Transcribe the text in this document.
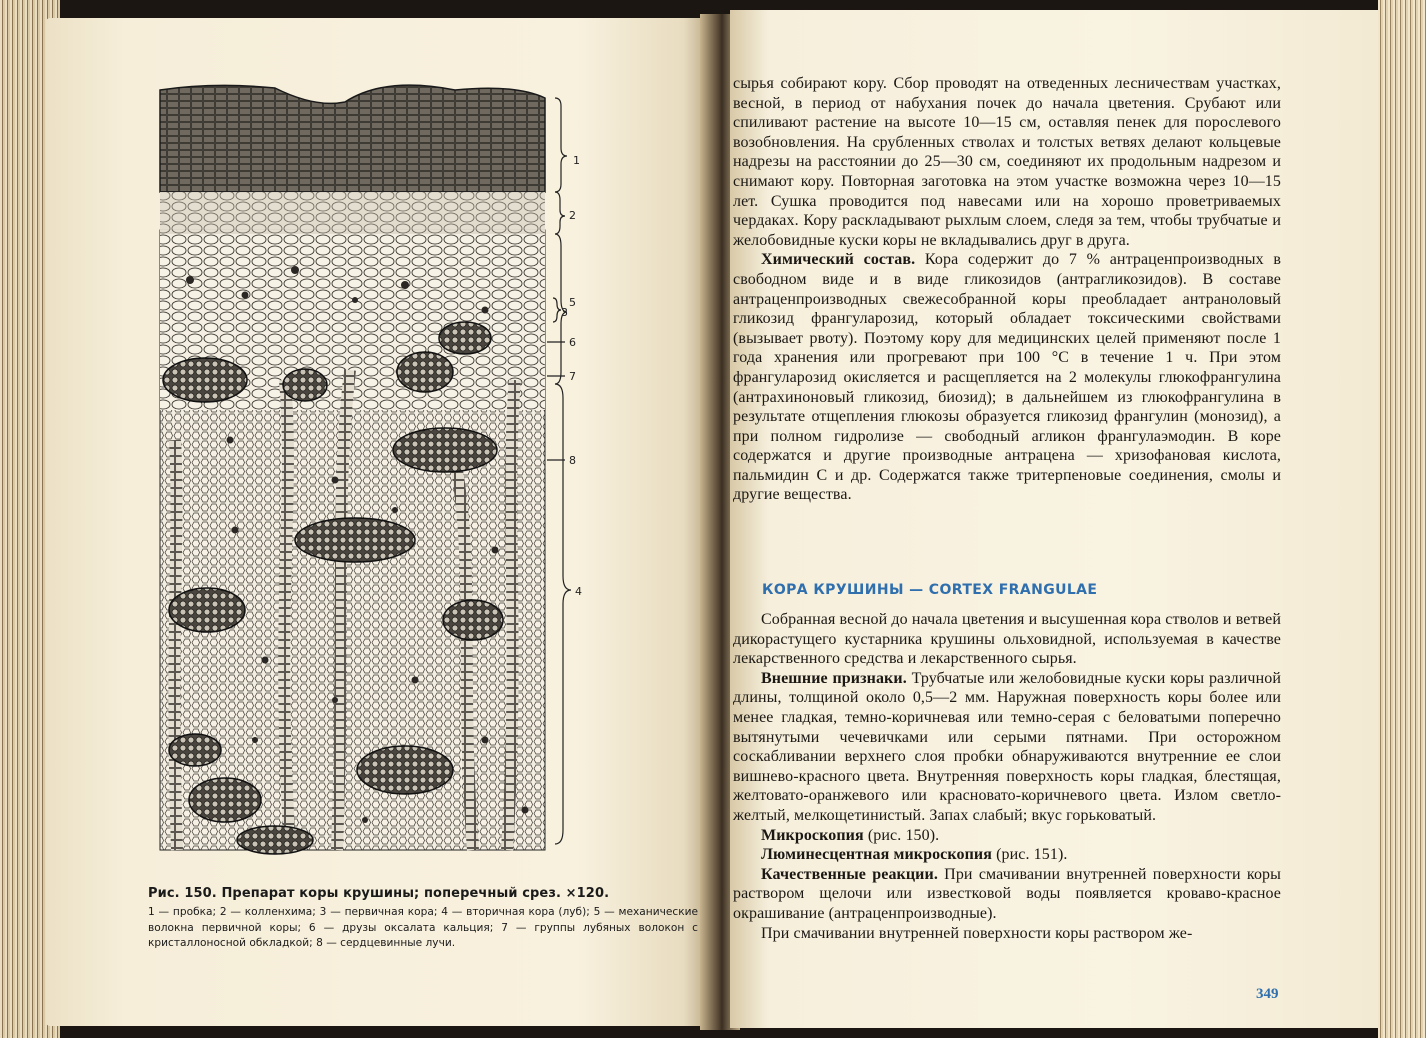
1
2
5
3
6
7
8
4
Рис. 150. Препарат коры крушины; поперечный срез. ×120.
1 — пробка; 2 — колленхима; 3 — первичная кора; 4 — вторичная кора (луб); 5 — механические волокна первичной коры; 6 — друзы оксалата кальция; 7 — группы лубяных волокон с кристаллоносной обкладкой; 8 — сердцевинные лучи.

сырья собирают кору. Сбор проводят на отведенных лесничествам участках, весной, в период от набухания почек до начала цветения. Срубают или спиливают растение на высоте 10—15 см, оставляя пенек для порослевого возобновления. На срубленных стволах и толстых ветвях делают кольцевые надрезы на расстоянии до 25—30 см, соединяют их продольным надрезом и снимают кору. Повторная заготовка на этом участке возможна через 10—15 лет. Сушка проводится под навесами или на хорошо проветриваемых чердаках. Кору раскладывают рыхлым слоем, следя за тем, чтобы трубчатые и желобовидные куски коры не вкладывались друг в друга.

Химический состав. Кора содержит до 7 % антраценпроизводных в свободном виде и в виде гликозидов (антрагликозидов). В составе антраценпроизводных свежесобранной коры преобладает антраноловый гликозид франгуларозид, который обладает токсическими свойствами (вызывает рвоту). Поэтому кору для медицинских целей применяют после 1 года хранения или прогревают при 100 °C в течение 1 ч. При этом франгуларозид окисляется и расщепляется на 2 молекулы глюкофрангулина (антрахиноновый гликозид, биозид); в дальнейшем из глюкофрангулина в результате отщепления глюкозы образуется гликозид франгулин (монозид), а при полном гидролизе — свободный агликон франгулаэмодин. В коре содержатся и другие производные антрацена — хризофановая кислота, пальмидин С и др. Содержатся также тритерпеновые соединения, смолы и другие вещества.

КОРА КРУШИНЫ — CORTEX FRANGULAE

Собранная весной до начала цветения и высушенная кора стволов и ветвей дикорастущего кустарника крушины ольховидной, используемая в качестве лекарственного средства и лекарственного сырья.

Внешние признаки. Трубчатые или желобовидные куски коры различной длины, толщиной около 0,5—2 мм. Наружная поверхность коры более или менее гладкая, темно-коричневая или темно-серая с беловатыми поперечно вытянутыми чечевичками или серыми пятнами. При осторожном соскабливании верхнего слоя пробки обнаруживаются внутренние ее слои вишнево-красного цвета. Внутренняя поверхность коры гладкая, блестящая, желтовато-оранжевого или красновато-коричневого цвета. Излом светло-желтый, мелкощетинистый. Запах слабый; вкус горьковатый.

Микроскопия (рис. 150).

Люминесцентная микроскопия (рис. 151).

Качественные реакции. При смачивании внутренней поверхности коры раствором щелочи или известковой воды появляется кроваво-красное окрашивание (антраценпроизводные).

При смачивании внутренней поверхности коры раствором же-

349
